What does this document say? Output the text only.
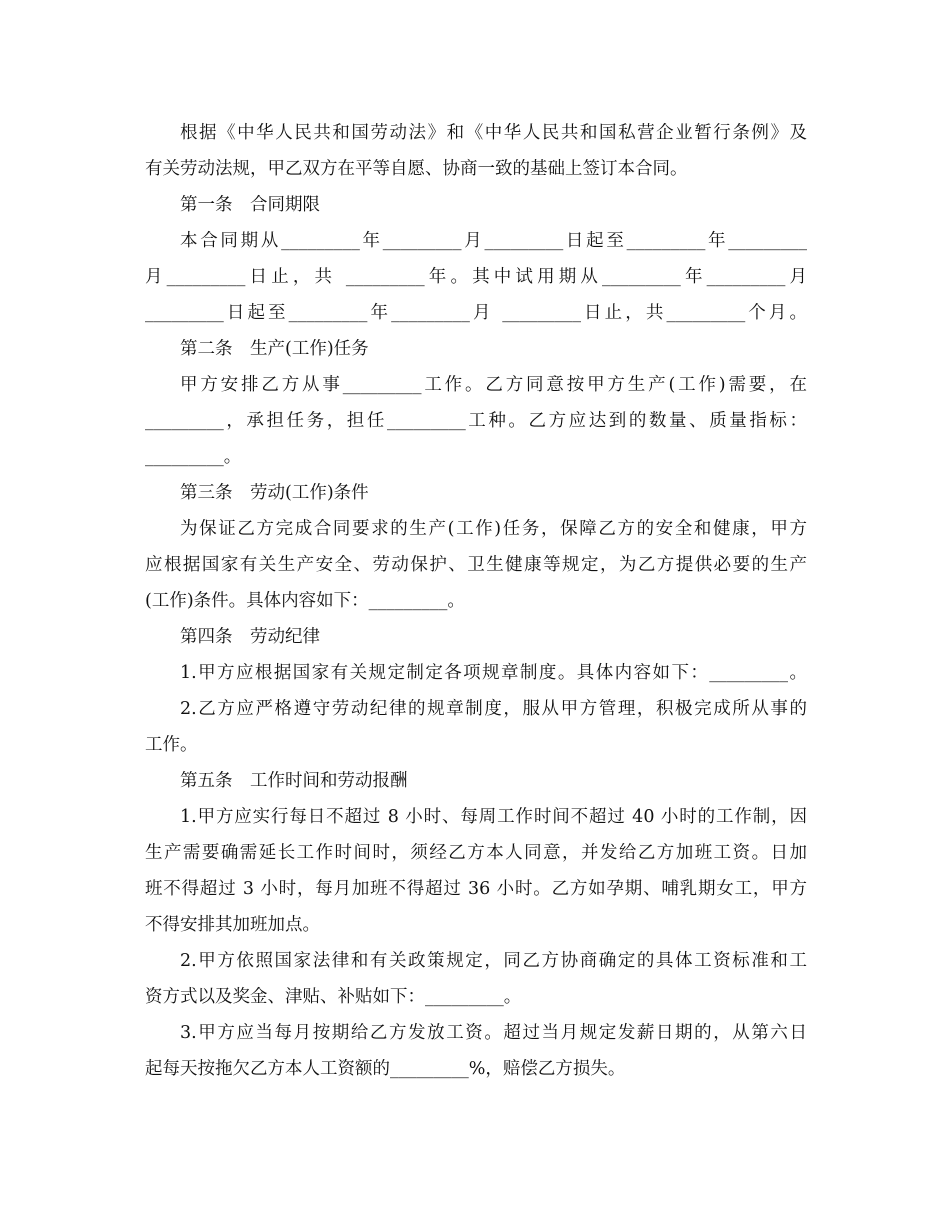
根据《中华人民共和国劳动法》和《中华人民共和国私营企业暂行条例》及
有关劳动法规，甲乙双方在平等自愿、协商一致的基础上签订本合同。
第一条　合同期限
本合同期从_________年_________月_________日起至_________年_________
月_________日止，共 _________年。其中试用期从_________年_________月
_________日起至_________年_________月 _________日止，共_________个月。
第二条　生产(工作)任务
甲方安排乙方从事_________工作。乙方同意按甲方生产(工作)需要，在
_________，承担任务，担任_________工种。乙方应达到的数量、质量指标：
_________。
第三条　劳动(工作)条件
为保证乙方完成合同要求的生产(工作)任务，保障乙方的安全和健康，甲方
应根据国家有关生产安全、劳动保护、卫生健康等规定，为乙方提供必要的生产
(工作)条件。具体内容如下：_________。
第四条　劳动纪律
1.甲方应根据国家有关规定制定各项规章制度。具体内容如下：_________。
2.乙方应严格遵守劳动纪律的规章制度，服从甲方管理，积极完成所从事的
工作。
第五条　工作时间和劳动报酬
1.甲方应实行每日不超过 8 小时、每周工作时间不超过 40 小时的工作制，因
生产需要确需延长工作时间时，须经乙方本人同意，并发给乙方加班工资。日加
班不得超过 3 小时，每月加班不得超过 36 小时。乙方如孕期、哺乳期女工，甲方
不得安排其加班加点。
2.甲方依照国家法律和有关政策规定，同乙方协商确定的具体工资标准和工
资方式以及奖金、津贴、补贴如下：_________。
3.甲方应当每月按期给乙方发放工资。超过当月规定发薪日期的，从第六日
起每天按拖欠乙方本人工资额的_________%，赔偿乙方损失。
